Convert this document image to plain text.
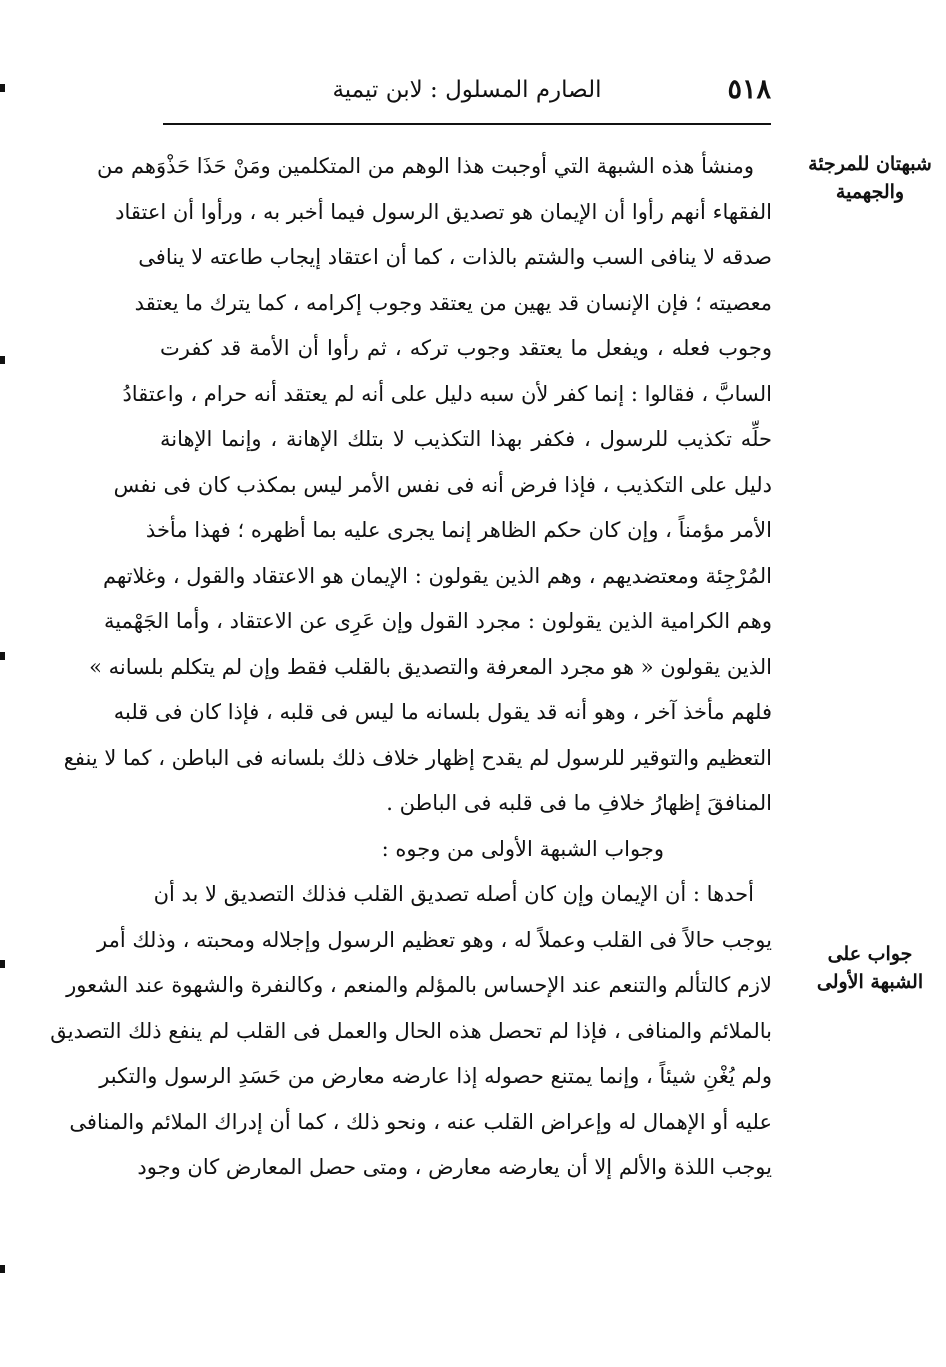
٥١٨
الصارم المسلول : لابن تيمية
شبهتان للمرجئة
والجهمية
جواب على
الشبهة الأولى
ومنشأ هذه الشبهة التي أوجبت هذا الوهم من المتكلمين ومَنْ حَذَا حَذْوَهم من
الفقهاء أنهم رأوا أن الإيمان هو تصديق الرسول فيما أخبر به ، ورأوا أن اعتقاد
صدقه لا ينافى السب والشتم بالذات ، كما أن اعتقاد إيجاب طاعته لا ينافى
معصيته ؛ فإن الإنسان قد يهين من يعتقد وجوب إكرامه ، كما يترك ما يعتقد
وجوب فعله ، ويفعل ما يعتقد وجوب تركه ، ثم رأوا أن الأمة قد كفرت
السابَّ ، فقالوا : إنما كفر لأن سبه دليل على أنه لم يعتقد أنه حرام ، واعتقادُ
حلِّه تكذيب للرسول ، فكفر بهذا التكذيب لا بتلك الإهانة ، وإنما الإهانة
دليل على التكذيب ، فإذا فرض أنه فى نفس الأمر ليس بمكذب كان فى نفس
الأمر مؤمناً ، وإن كان حكم الظاهر إنما يجرى عليه بما أظهره ؛ فهذا مأخذ
المُرْجِئة ومعتضديهم ، وهم الذين يقولون : الإيمان هو الاعتقاد والقول ، وغلاتهم
وهم الكرامية الذين يقولون : مجرد القول وإن عَرِى عن الاعتقاد ، وأما الجَهْمية
الذين يقولون « هو مجرد المعرفة والتصديق بالقلب فقط وإن لم يتكلم بلسانه »
فلهم مأخذ آخر ، وهو أنه قد يقول بلسانه ما ليس فى قلبه ، فإذا كان فى قلبه
التعظيم والتوقير للرسول لم يقدح إظهار خلاف ذلك بلسانه فى الباطن ، كما لا ينفع
المنافقَ إظهارُ خلافِ ما فى قلبه فى الباطن .
وجواب الشبهة الأولى من وجوه :
أحدها : أن الإيمان وإن كان أصله تصديق القلب فذلك التصديق لا بد أن
يوجب حالاً فى القلب وعملاً له ، وهو تعظيم الرسول وإجلاله ومحبته ، وذلك أمر
لازم كالتألم والتنعم عند الإحساس بالمؤلم والمنعم ، وكالنفرة والشهوة عند الشعور
بالملائم والمنافى ، فإذا لم تحصل هذه الحال والعمل فى القلب لم ينفع ذلك التصديق
ولم يُغْنِ شيئاً ، وإنما يمتنع حصوله إذا عارضه معارض من حَسَدِ الرسول والتكبر
عليه أو الإهمال له وإعراض القلب عنه ، ونحو ذلك ، كما أن إدراك الملائم والمنافى
يوجب اللذة والألم إلا أن يعارضه معارض ، ومتى حصل المعارض كان وجود
